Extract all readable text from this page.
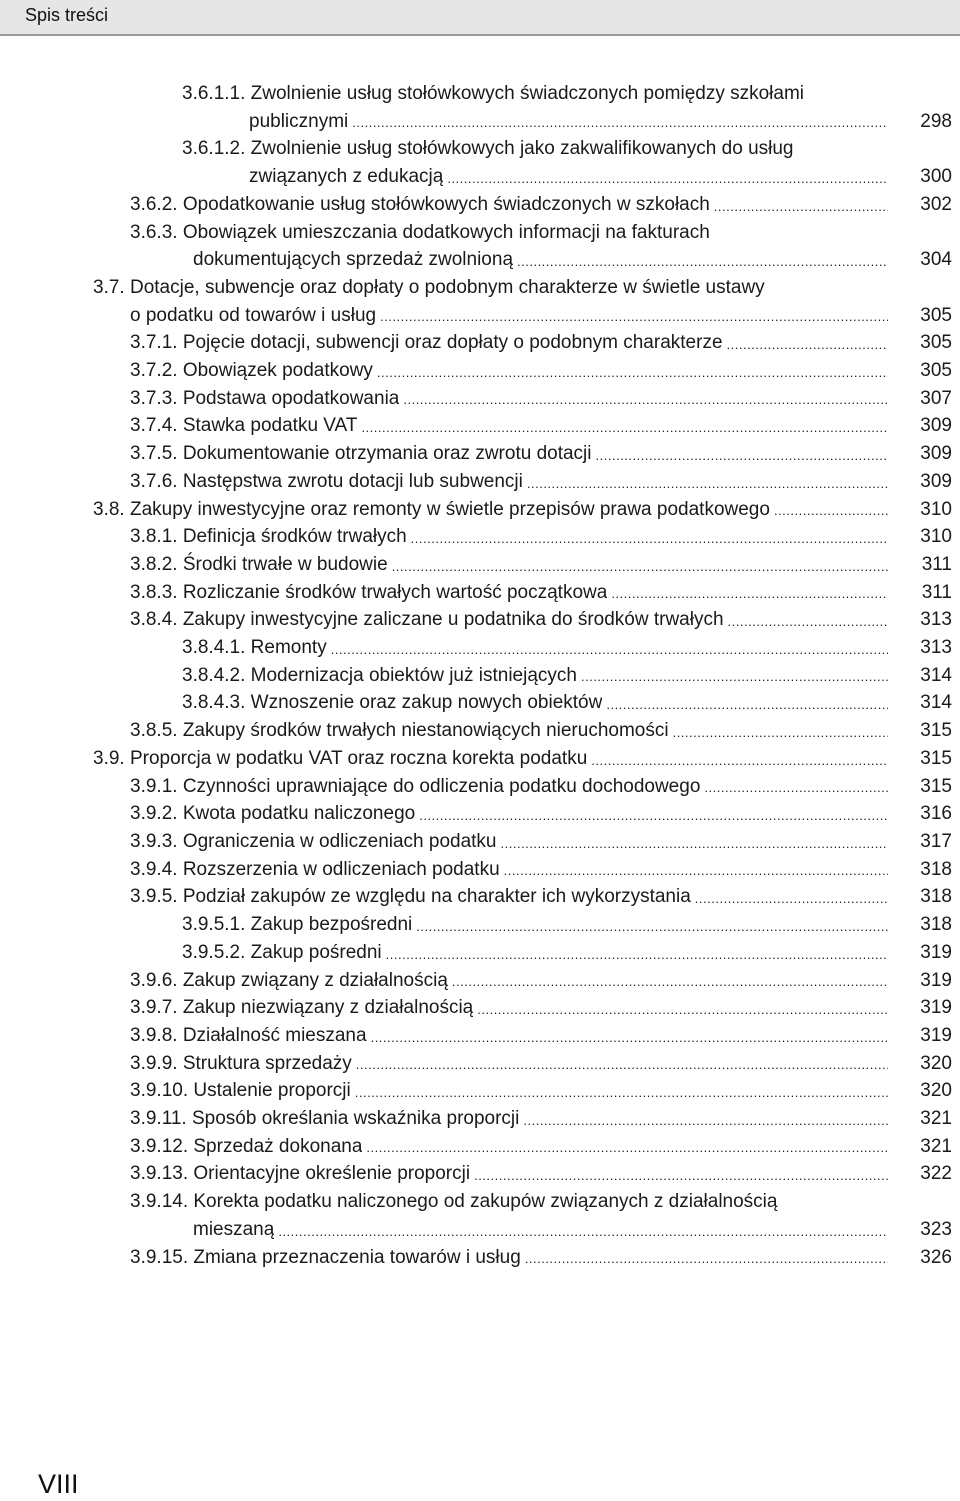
Spis treści
3.6.1.1. Zwolnienie usług stołówkowych świadczonych pomiędzy szkołami
publicznymi .....	298
3.6.1.2. Zwolnienie usług stołówkowych jako zakwalifikowanych do usług
związanych z edukacją .....	300
3.6.2. Opodatkowanie usług stołówkowych świadczonych w szkołach .....	302
3.6.3. Obowiązek umieszczania dodatkowych informacji na fakturach
dokumentujących sprzedaż zwolnioną .....	304
3.7. Dotacje, subwencje oraz dopłaty o podobnym charakterze w świetle ustawy
o podatku od towarów i usług .....	305
3.7.1. Pojęcie dotacji, subwencji oraz dopłaty o podobnym charakterze .....	305
3.7.2. Obowiązek podatkowy .....	305
3.7.3. Podstawa opodatkowania .....	307
3.7.4. Stawka podatku VAT .....	309
3.7.5. Dokumentowanie otrzymania oraz zwrotu dotacji .....	309
3.7.6. Następstwa zwrotu dotacji lub subwencji .....	309
3.8. Zakupy inwestycyjne oraz remonty w świetle przepisów prawa podatkowego .....	310
3.8.1. Definicja środków trwałych .....	310
3.8.2. Środki trwałe w budowie .....	311
3.8.3. Rozliczanie środków trwałych wartość początkowa .....	311
3.8.4. Zakupy inwestycyjne zaliczane u podatnika do środków trwałych .....	313
3.8.4.1. Remonty .....	313
3.8.4.2. Modernizacja obiektów już istniejących .....	314
3.8.4.3. Wznoszenie oraz zakup nowych obiektów .....	314
3.8.5. Zakupy środków trwałych niestanowiących nieruchomości .....	315
3.9. Proporcja w podatku VAT oraz roczna korekta podatku .....	315
3.9.1. Czynności uprawniające do odliczenia podatku dochodowego .....	315
3.9.2. Kwota podatku naliczonego .....	316
3.9.3. Ograniczenia w odliczeniach podatku .....	317
3.9.4. Rozszerzenia w odliczeniach podatku .....	318
3.9.5. Podział zakupów ze względu na charakter ich wykorzystania .....	318
3.9.5.1. Zakup bezpośredni .....	318
3.9.5.2. Zakup pośredni .....	319
3.9.6. Zakup związany z działalnością .....	319
3.9.7. Zakup niezwiązany z działalnością .....	319
3.9.8. Działalność mieszana .....	319
3.9.9. Struktura sprzedaży .....	320
3.9.10. Ustalenie proporcji .....	320
3.9.11. Sposób określania wskaźnika proporcji .....	321
3.9.12. Sprzedaż dokonana .....	321
3.9.13. Orientacyjne określenie proporcji .....	322
3.9.14. Korekta podatku naliczonego od zakupów związanych z działalnością
mieszaną .....	323
3.9.15. Zmiana przeznaczenia towarów i usług .....	326
VIII
